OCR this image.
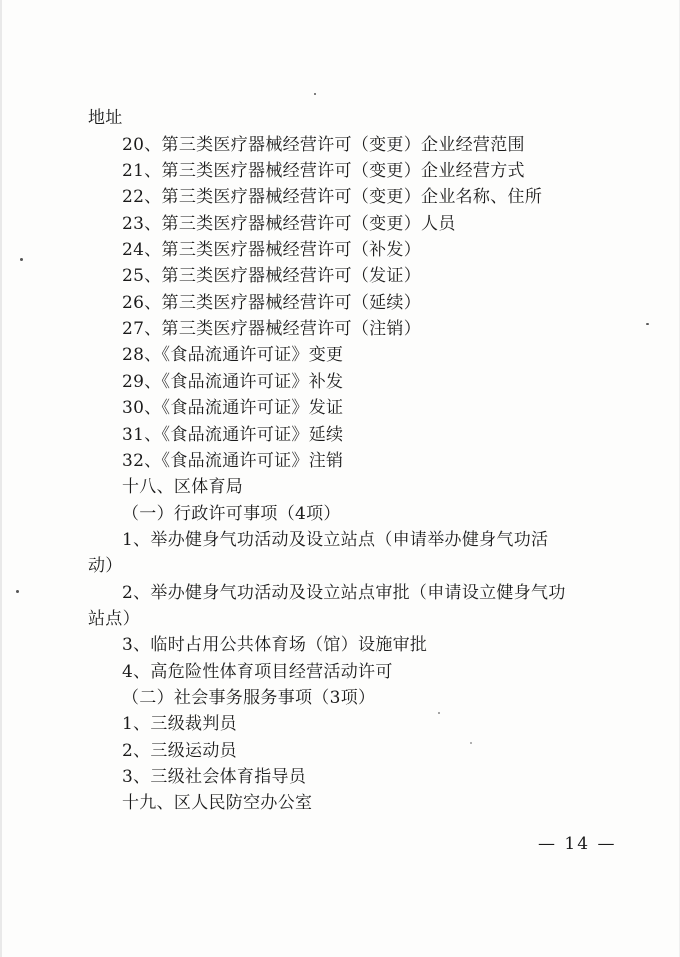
地址
20、第三类医疗器械经营许可（变更）企业经营范围
21、第三类医疗器械经营许可（变更）企业经营方式
22、第三类医疗器械经营许可（变更）企业名称、住所
23、第三类医疗器械经营许可（变更）人员
24、第三类医疗器械经营许可（补发）
25、第三类医疗器械经营许可（发证）
26、第三类医疗器械经营许可（延续）
27、第三类医疗器械经营许可（注销）
28、《食品流通许可证》变更
29、《食品流通许可证》补发
30、《食品流通许可证》发证
31、《食品流通许可证》延续
32、《食品流通许可证》注销
十八、区体育局
（一）行政许可事项（4项）
1、举办健身气功活动及设立站点（申请举办健身气功活
动）
2、举办健身气功活动及设立站点审批（申请设立健身气功
站点）
3、临时占用公共体育场（馆）设施审批
4、高危险性体育项目经营活动许可
（二）社会事务服务事项（3项）
1、三级裁判员
2、三级运动员
3、三级社会体育指导员
十九、区人民防空办公室
— 14 —
